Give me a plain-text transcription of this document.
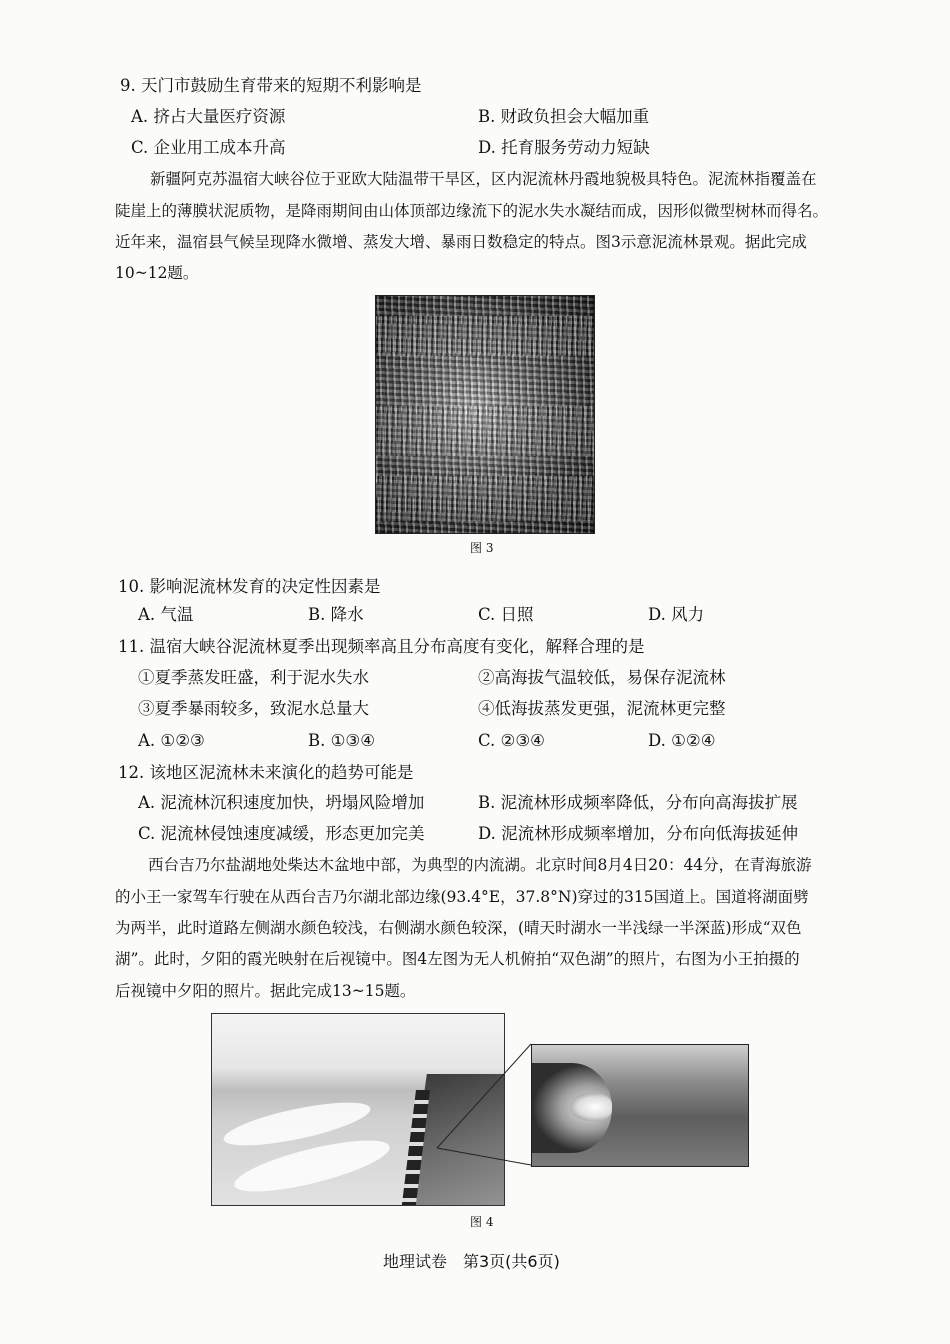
9. 天门市鼓励生育带来的短期不利影响是
A. 挤占大量医疗资源	B. 财政负担会大幅加重
C. 企业用工成本升高	D. 托育服务劳动力短缺
新疆阿克苏温宿大峡谷位于亚欧大陆温带干旱区，区内泥流林丹霞地貌极具特色。泥流林指覆盖在
陡崖上的薄膜状泥质物，是降雨期间由山体顶部边缘流下的泥水失水凝结而成，因形似微型树林而得名。
近年来，温宿县气候呈现降水微增、蒸发大增、暴雨日数稳定的特点。图3示意泥流林景观。据此完成
10~12题。
图 3
10. 影响泥流林发育的决定性因素是
A. 气温	B. 降水	C. 日照	D. 风力
11. 温宿大峡谷泥流林夏季出现频率高且分布高度有变化，解释合理的是
①夏季蒸发旺盛，利于泥水失水	②高海拔气温较低，易保存泥流林
③夏季暴雨较多，致泥水总量大	④低海拔蒸发更强，泥流林更完整
A. ①②③	B. ①③④	C. ②③④	D. ①②④
12. 该地区泥流林未来演化的趋势可能是
A. 泥流林沉积速度加快，坍塌风险增加	B. 泥流林形成频率降低，分布向高海拔扩展
C. 泥流林侵蚀速度减缓，形态更加完美	D. 泥流林形成频率增加，分布向低海拔延伸
西台吉乃尔盐湖地处柴达木盆地中部，为典型的内流湖。北京时间8月4日20：44分，在青海旅游
的小王一家驾车行驶在从西台吉乃尔湖北部边缘(93.4°E，37.8°N)穿过的315国道上。国道将湖面劈
为两半，此时道路左侧湖水颜色较浅，右侧湖水颜色较深，(晴天时湖水一半浅绿一半深蓝)形成“双色
湖”。此时，夕阳的霞光映射在后视镜中。图4左图为无人机俯拍“双色湖”的照片，右图为小王拍摄的
后视镜中夕阳的照片。据此完成13~15题。
图 4
地理试卷　第3页(共6页)
